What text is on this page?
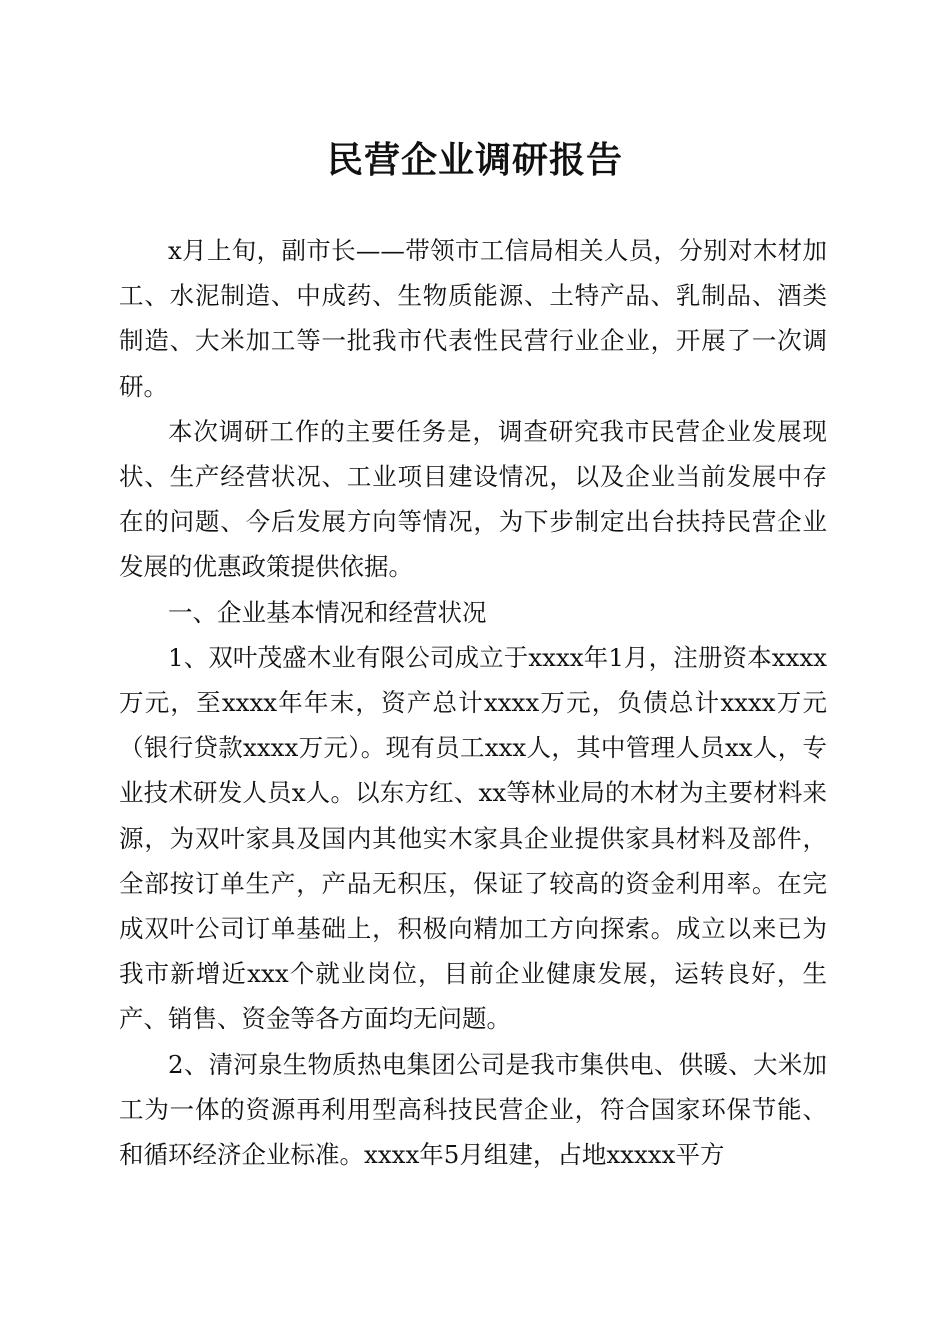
民营企业调研报告

x月上旬，副市长——带领市工信局相关人员，分别对木材加工、水泥制造、中成药、生物质能源、土特产品、乳制品、酒类制造、大米加工等一批我市代表性民营行业企业，开展了一次调研。

本次调研工作的主要任务是，调查研究我市民营企业发展现状、生产经营状况、工业项目建设情况，以及企业当前发展中存在的问题、今后发展方向等情况，为下步制定出台扶持民营企业发展的优惠政策提供依据。

一、企业基本情况和经营状况

1、双叶茂盛木业有限公司成立于xxxx年1月，注册资本xxxx万元，至xxxx年年末，资产总计xxxx万元，负债总计xxxx万元（银行贷款xxxx万元）。现有员工xxx人，其中管理人员xx人，专业技术研发人员x人。以东方红、xx等林业局的木材为主要材料来源，为双叶家具及国内其他实木家具企业提供家具材料及部件，全部按订单生产，产品无积压，保证了较高的资金利用率。在完成双叶公司订单基础上，积极向精加工方向探索。成立以来已为我市新增近xxx个就业岗位，目前企业健康发展，运转良好，生产、销售、资金等各方面均无问题。

2、清河泉生物质热电集团公司是我市集供电、供暖、大米加工为一体的资源再利用型高科技民营企业，符合国家环保节能、和循环经济企业标准。xxxx年5月组建，占地xxxxx平方
